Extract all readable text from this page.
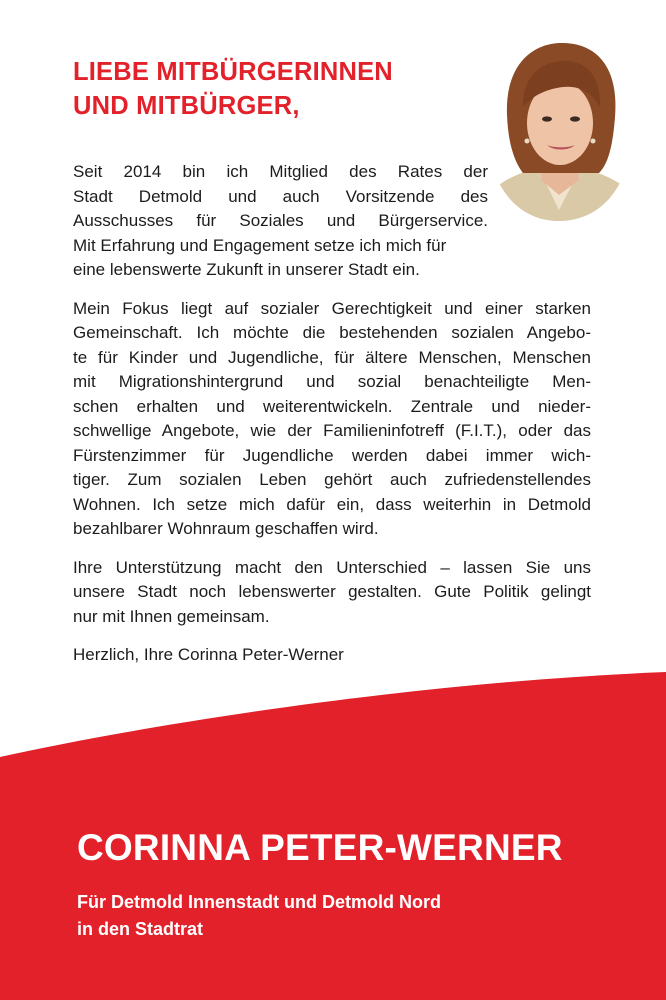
LIEBE MITBÜRGERINNEN
UND MITBÜRGER,

Seit 2014 bin ich Mitglied des Rates der
Stadt Detmold und auch Vorsitzende des
Ausschusses für Soziales und Bürgerservice.
Mit Erfahrung und Engagement setze ich mich für
eine lebenswerte Zukunft in unserer Stadt ein.

Mein Fokus liegt auf sozialer Gerechtigkeit und einer starken
Gemeinschaft. Ich möchte die bestehenden sozialen Angebo-
te für Kinder und Jugendliche, für ältere Menschen, Menschen
mit Migrationshintergrund und sozial benachteiligte Men-
schen erhalten und weiterentwickeln. Zentrale und nieder-
schwellige Angebote, wie der Familieninfotreff (F.I.T.), oder das
Fürstenzimmer für Jugendliche werden dabei immer wich-
tiger. Zum sozialen Leben gehört auch zufriedenstellendes
Wohnen. Ich setze mich dafür ein, dass weiterhin in Detmold
bezahlbarer Wohnraum geschaffen wird.

Ihre Unterstützung macht den Unterschied – lassen Sie uns
unsere Stadt noch lebenswerter gestalten. Gute Politik gelingt
nur mit Ihnen gemeinsam.

Herzlich, Ihre Corinna Peter-Werner

CORINNA PETER-WERNER
Für Detmold Innenstadt und Detmold Nord
in den Stadtrat
